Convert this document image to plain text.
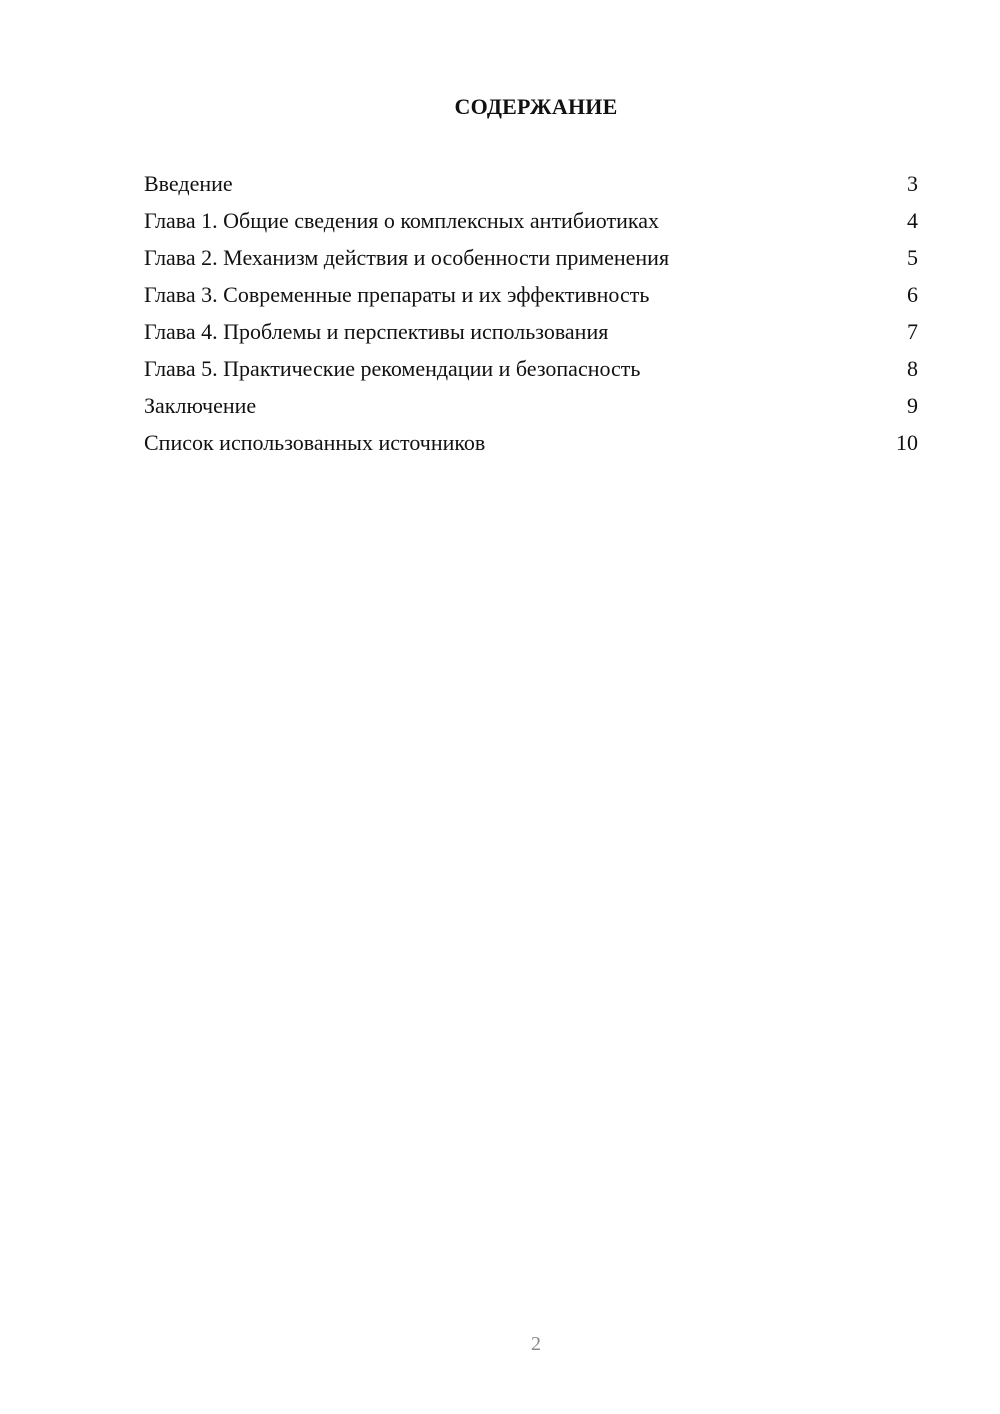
СОДЕРЖАНИЕ
Введение	3
Глава 1. Общие сведения о комплексных антибиотиках	4
Глава 2. Механизм действия и особенности применения	5
Глава 3. Современные препараты и их эффективность	6
Глава 4. Проблемы и перспективы использования	7
Глава 5. Практические рекомендации и безопасность	8
Заключение	9
Список использованных источников	10
2
